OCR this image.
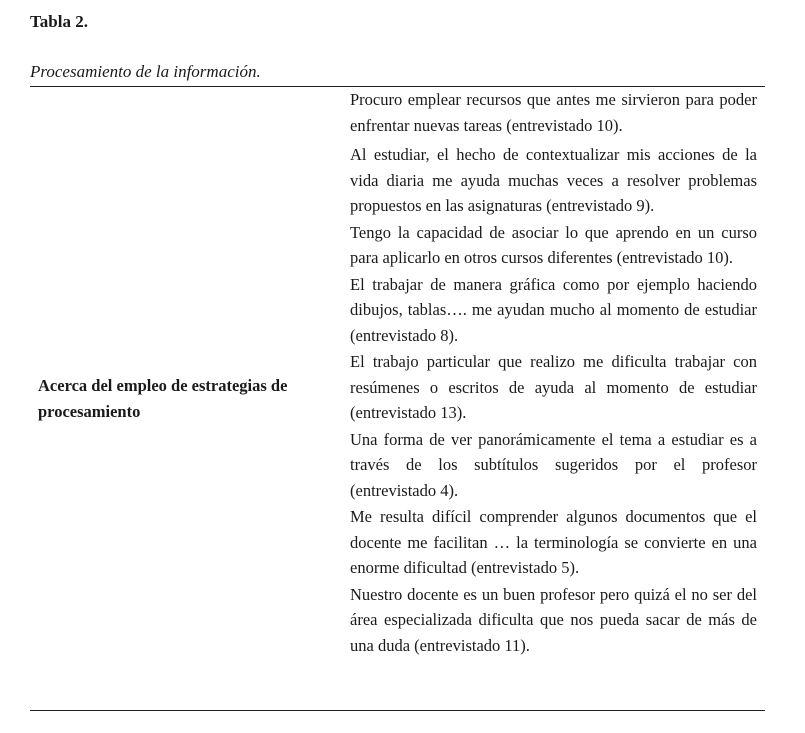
Tabla 2.
Procesamiento de la información.
Acerca del empleo de estrategias de procesamiento

Procuro emplear recursos que antes me sirvieron para poder enfrentar nuevas tareas (entrevistado 10).

Al estudiar, el hecho de contextualizar mis acciones de la vida diaria me ayuda muchas veces a resolver problemas propuestos en las asignaturas (entrevistado 9).

Tengo la capacidad de asociar lo que aprendo en un curso para aplicarlo en otros cursos diferentes (entrevistado 10).

El trabajar de manera gráfica como por ejemplo haciendo dibujos, tablas…. me ayudan mucho al momento de estudiar (entrevistado 8).

El trabajo particular que realizo me dificulta trabajar con resúmenes o escritos de ayuda al momento de estudiar (entrevistado 13).

Una forma de ver panorámicamente el tema a estudiar es a través de los subtítulos sugeridos por el profesor (entrevistado 4).

Me resulta difícil comprender algunos documentos que el docente me facilitan … la terminología se convierte en una enorme dificultad (entrevistado 5).

Nuestro docente es un buen profesor pero quizá el no ser del área especializada dificulta que nos pueda sacar de más de una duda (entrevistado 11).
